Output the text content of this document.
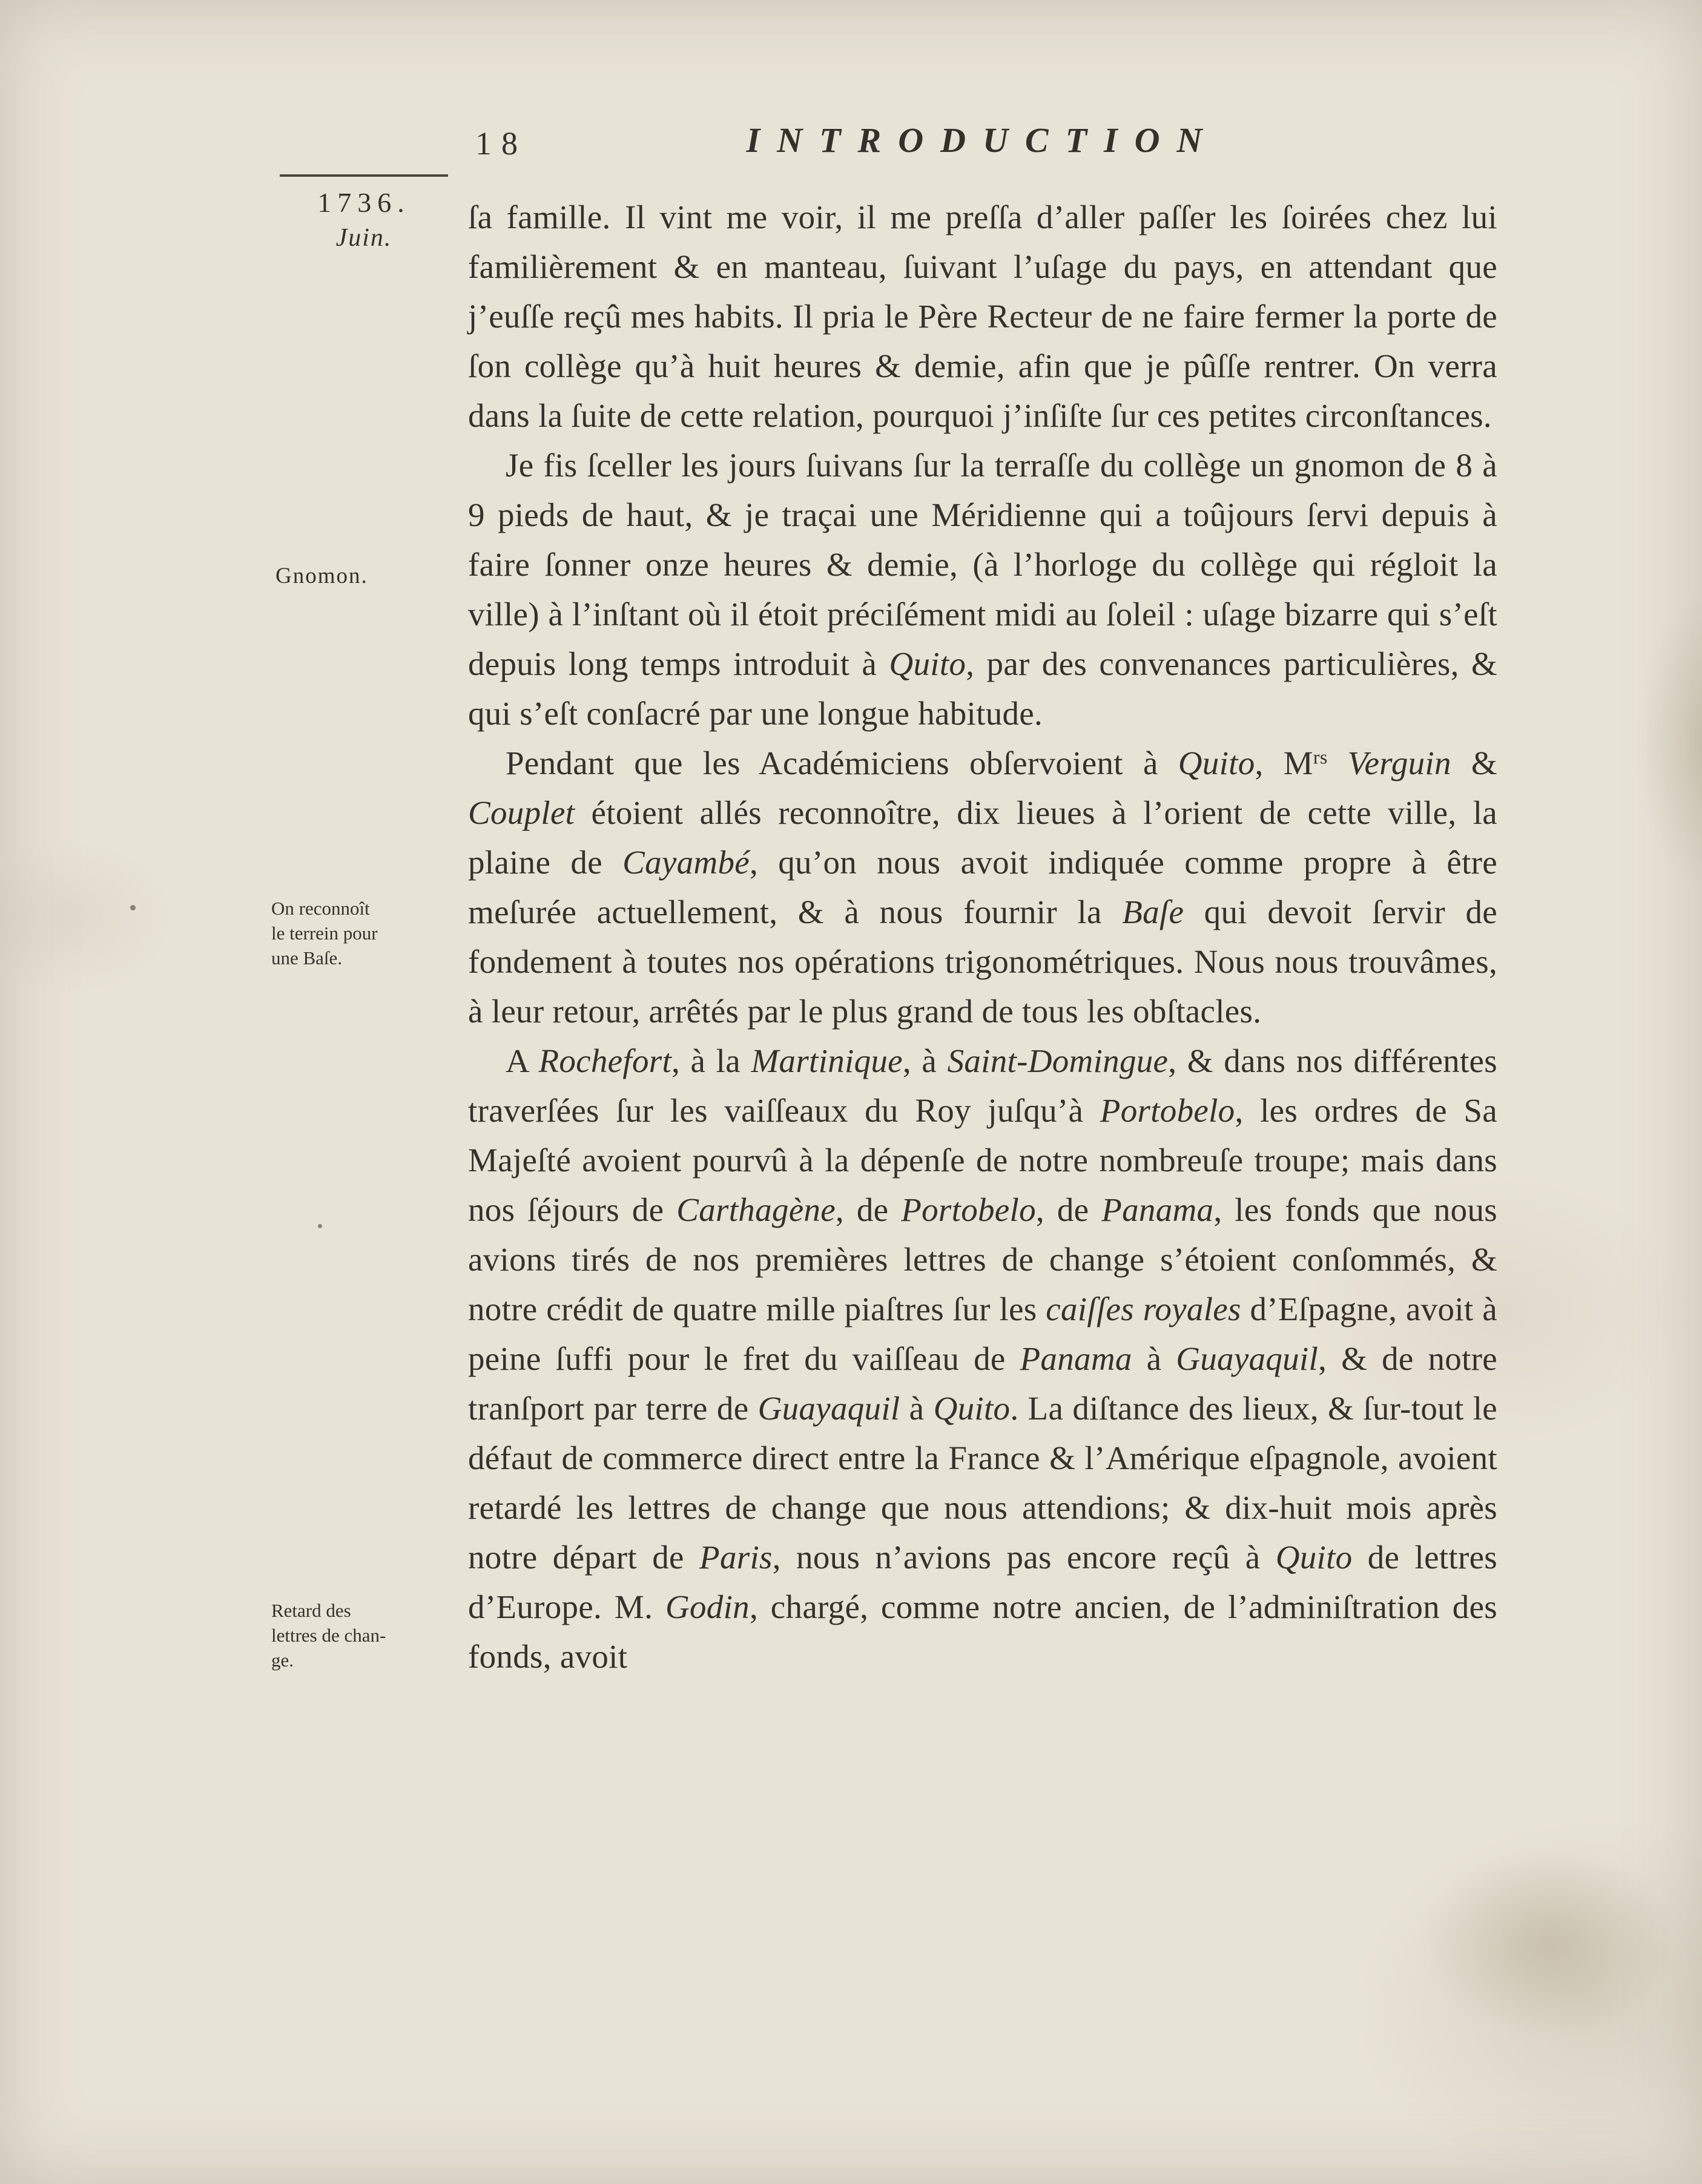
18	INTRODUCTION
1736.
Juin.
Gnomon.
On reconnoît
le terrein pour
une Baſe.
Retard des
lettres de chan-
ge.

ſa famille. Il vint me voir, il me preſſa d’aller paſſer les ſoirées chez lui familièrement & en manteau, ſuivant l’uſage du pays, en attendant que j’euſſe reçû mes habits. Il pria le Père Recteur de ne faire fermer la porte de ſon collège qu’à huit heures & demie, afin que je pûſſe rentrer. On verra dans la ſuite de cette relation, pourquoi j’inſiſte ſur ces petites circonſtances.

Je fis ſceller les jours ſuivans ſur la terraſſe du collège un gnomon de 8 à 9 pieds de haut, & je traçai une Méridienne qui a toûjours ſervi depuis à faire ſonner onze heures & demie, (à l’horloge du collège qui régloit la ville) à l’inſtant où il étoit préciſément midi au ſoleil : uſage bizarre qui s’eſt depuis long temps introduit à Quito, par des convenances particulières, & qui s’eſt conſacré par une longue habitude.

Pendant que les Académiciens obſervoient à Quito, $M^{rs}$ Verguin & Couplet étoient allés reconnoître, dix lieues à l’orient de cette ville, la plaine de Cayambé, qu’on nous avoit indiquée comme propre à être meſurée actuellement, & à nous fournir la Baſe qui devoit ſervir de fondement à toutes nos opérations trigonométriques. Nous nous trouvâmes, à leur retour, arrêtés par le plus grand de tous les obſtacles.

A Rochefort, à la Martinique, à Saint-Domingue, & dans nos différentes traverſées ſur les vaiſſeaux du Roy juſqu’à Portobelo, les ordres de Sa Majeſté avoient pourvû à la dépenſe de notre nombreuſe troupe; mais dans nos ſéjours de Carthagène, de Portobelo, de Panama, les fonds que nous avions tirés de nos premières lettres de change s’étoient conſommés, & notre crédit de quatre mille piaſtres ſur les caiſſes royales d’Eſpagne, avoit à peine ſuffi pour le fret du vaiſſeau de Panama à Guayaquil, & de notre tranſport par terre de Guayaquil à Quito. La diſtance des lieux, & ſur-tout le défaut de commerce direct entre la France & l’Amérique eſpagnole, avoient retardé les lettres de change que nous attendions; & dix-huit mois après notre départ de Paris, nous n’avions pas encore reçû à Quito de lettres d’Europe. M. Godin, chargé, comme notre ancien, de l’adminiſtration des fonds, avoit
